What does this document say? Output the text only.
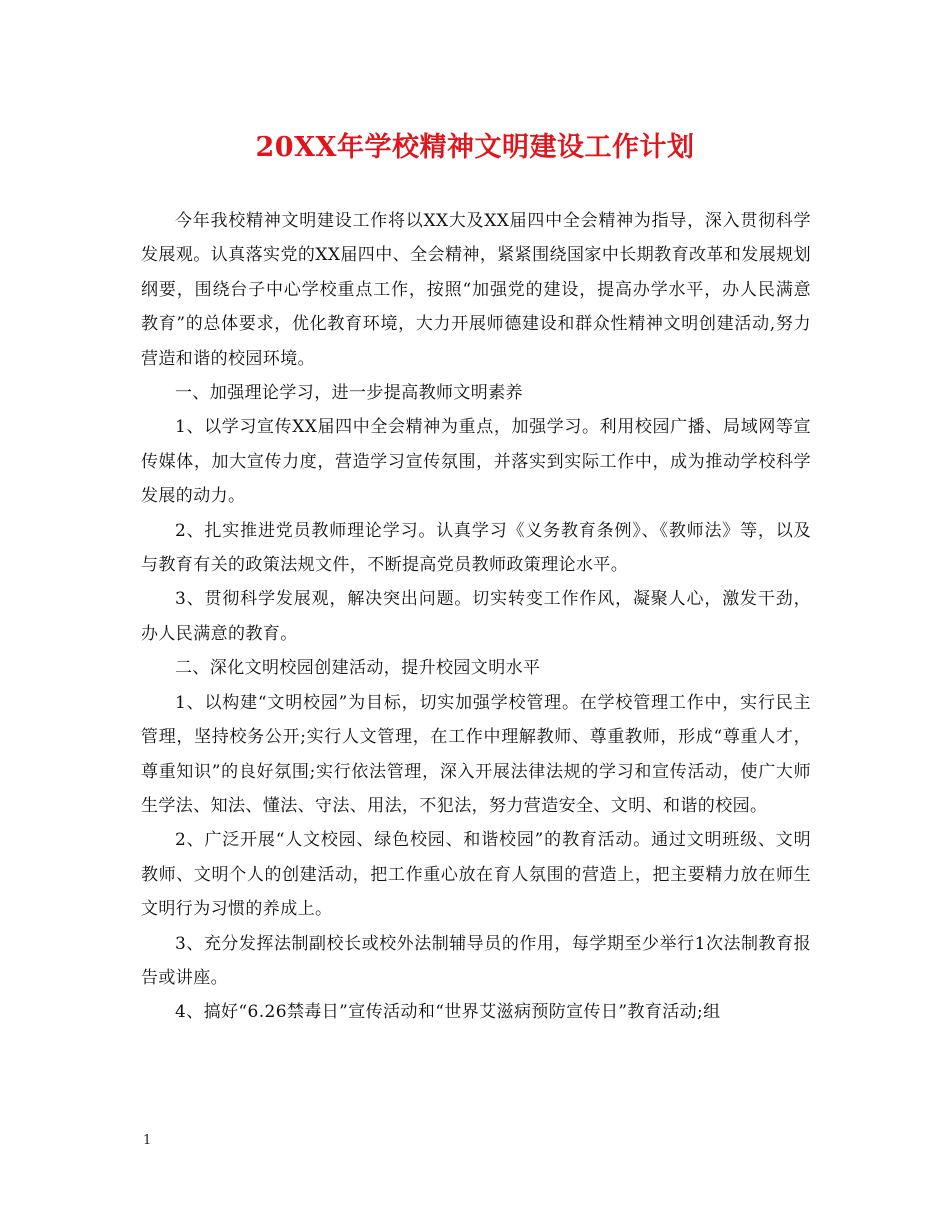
20XX年学校精神文明建设工作计划

今年我校精神文明建设工作将以XX大及XX届四中全会精神为指导，深入贯彻科学发展观。认真落实党的XX届四中、全会精神，紧紧围绕国家中长期教育改革和发展规划纲要，围绕台子中心学校重点工作，按照“加强党的建设，提高办学水平，办人民满意教育”的总体要求，优化教育环境，大力开展师德建设和群众性精神文明创建活动,努力营造和谐的校园环境。

一、加强理论学习，进一步提高教师文明素养

1、以学习宣传XX届四中全会精神为重点，加强学习。利用校园广播、局域网等宣传媒体，加大宣传力度，营造学习宣传氛围，并落实到实际工作中，成为推动学校科学发展的动力。

2、扎实推进党员教师理论学习。认真学习《义务教育条例》、《教师法》等，以及与教育有关的政策法规文件，不断提高党员教师政策理论水平。

3、贯彻科学发展观，解决突出问题。切实转变工作作风，凝聚人心，激发干劲，办人民满意的教育。

二、深化文明校园创建活动，提升校园文明水平

1、以构建“文明校园”为目标，切实加强学校管理。在学校管理工作中，实行民主管理，坚持校务公开;实行人文管理，在工作中理解教师、尊重教师，形成“尊重人才，尊重知识”的良好氛围;实行依法管理，深入开展法律法规的学习和宣传活动，使广大师生学法、知法、懂法、守法、用法，不犯法，努力营造安全、文明、和谐的校园。

2、广泛开展“人文校园、绿色校园、和谐校园”的教育活动。通过文明班级、文明教师、文明个人的创建活动，把工作重心放在育人氛围的营造上，把主要精力放在师生文明行为习惯的养成上。

3、充分发挥法制副校长或校外法制辅导员的作用，每学期至少举行1次法制教育报告或讲座。

4、搞好“6.26禁毒日”宣传活动和“世界艾滋病预防宣传日”教育活动;组

1
